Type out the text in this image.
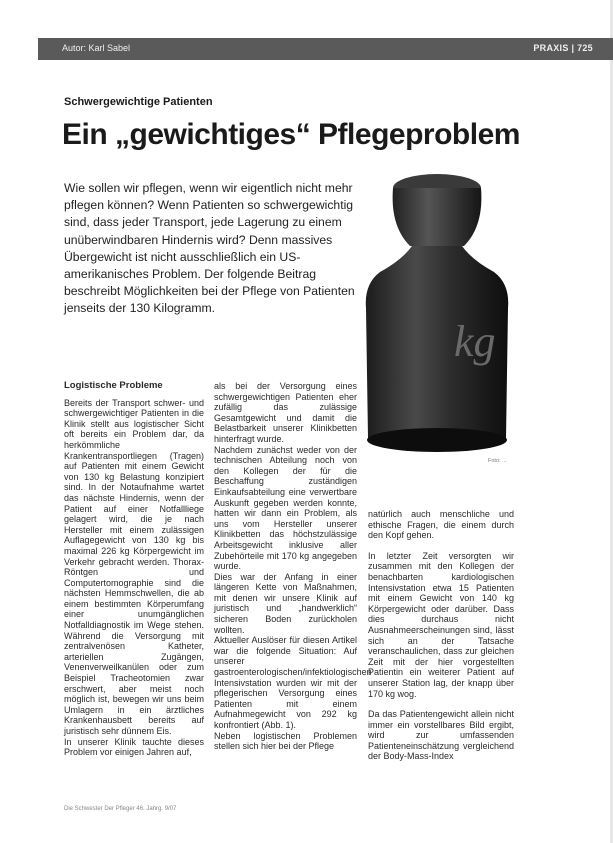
Autor: Karl Sabel	PRAXIS | 725
Schwergewichtige Patienten
Ein „gewichtiges“ Pflegeproblem

Wie sollen wir pflegen, wenn wir eigentlich nicht mehr pflegen können? Wenn Patienten so schwergewichtig sind, dass jeder Transport, jede Lagerung zu einem unüberwindbaren Hindernis wird? Denn massives Übergewicht ist nicht ausschließlich ein US-amerikanisches Problem. Der folgende Beitrag beschreibt Möglichkeiten bei der Pflege von Patienten jenseits der 130 Kilogramm.

kg
Foto: ...
Logistische Probleme

Bereits der Transport schwer- und schwergewichtiger Patienten in die Klinik stellt aus logistischer Sicht oft bereits ein Problem dar, da herkömmliche Krankentransportliegen (Tragen) auf Patienten mit einem Gewicht von 130 kg Belastung konzipiert sind. In der Notaufnahme wartet das nächste Hindernis, wenn der Patient auf einer Notfallliege gelagert wird, die je nach Hersteller mit einem zulässigen Auflagegewicht von 130 kg bis maximal 226 kg Körpergewicht im Verkehr gebracht werden. Thorax-Röntgen und Computertomographie sind die nächsten Hemmschwellen, die ab einem bestimmten Körperumfang einer unumgänglichen Notfalldiagnostik im Wege stehen. Während die Versorgung mit zentralvenösen Katheter, arteriellen Zugängen, Venenverweilkanülen oder zum Beispiel Tracheotomien zwar erschwert, aber meist noch möglich ist, bewegen wir uns beim Umlagern in ein ärztliches Krankenhausbett bereits auf juristisch sehr dünnem Eis.

In unserer Klinik tauchte dieses Problem vor einigen Jahren auf,

als bei der Versorgung eines schwergewichtigen Patienten eher zufällig das zulässige Gesamtgewicht und damit die Belastbarkeit unserer Klinikbetten hinterfragt wurde.

Nachdem zunächst weder von der technischen Abteilung noch von den Kollegen der für die Beschaffung zuständigen Einkaufsabteilung eine verwertbare Auskunft gegeben werden konnte, hatten wir dann ein Problem, als uns vom Hersteller unserer Klinikbetten das höchstzulässige Arbeitsgewicht inklusive aller Zubehörteile mit 170 kg angegeben wurde.

Dies war der Anfang in einer längeren Kette von Maßnahmen, mit denen wir unsere Klinik auf juristisch und „handwerklich“ sicheren Boden zurückholen wollten.

Aktueller Auslöser für diesen Artikel war die folgende Situation: Auf unserer gastroenterologischen/infektiologischen Intensivstation wurden wir mit der pflegerischen Versorgung eines Patienten mit einem Aufnahmegewicht von 292 kg konfrontiert (Abb. 1).

Neben logistischen Problemen stellen sich hier bei der Pflege

natürlich auch menschliche und ethische Fragen, die einem durch den Kopf gehen.

In letzter Zeit versorgten wir zusammen mit den Kollegen der benachbarten kardiologischen Intensivstation etwa 15 Patienten mit einem Gewicht von 140 kg Körpergewicht oder darüber. Dass dies durchaus nicht Ausnahmeerscheinungen sind, lässt sich an der Tatsache veranschaulichen, dass zur gleichen Zeit mit der hier vorgestellten Patientin ein weiterer Patient auf unserer Station lag, der knapp über 170 kg wog.

Da das Patientengewicht allein nicht immer ein vorstellbares Bild ergibt, wird zur umfassenden Patienteneinschätzung vergleichend der Body-Mass-Index

Die Schwester Der Pfleger 46. Jahrg. 9/07
